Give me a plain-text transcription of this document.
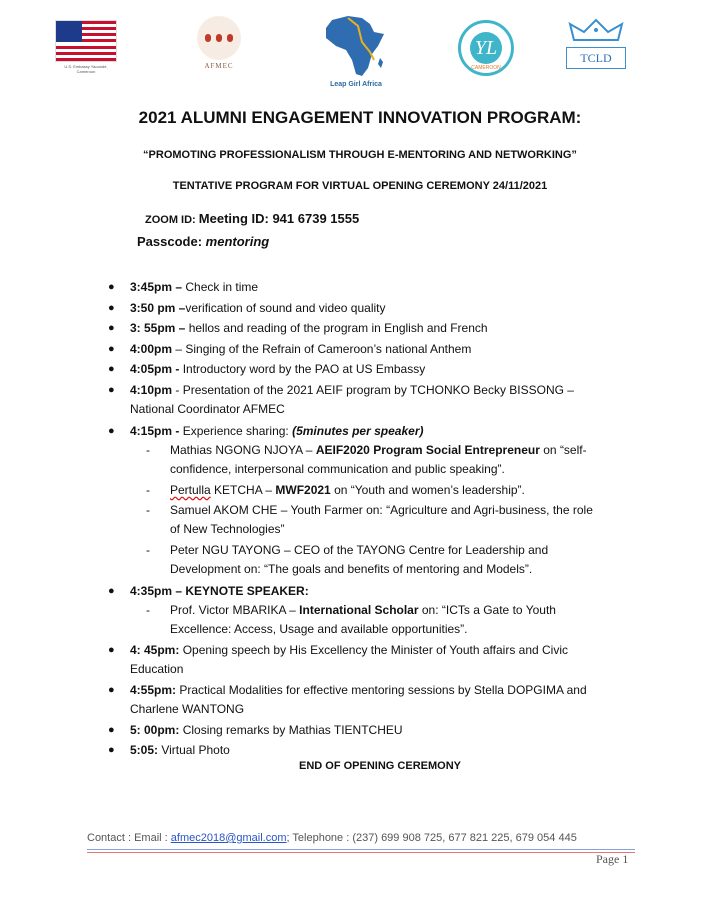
U.S. Embassy Yaoundé, Cameroon
AFMEC
Leap Girl Africa
YL
CAMEROON
TCLD
2021 ALUMNI ENGAGEMENT INNOVATION PROGRAM:
“PROMOTING PROFESSIONALISM THROUGH E-MENTORING AND NETWORKING”
TENTATIVE PROGRAM FOR VIRTUAL OPENING CEREMONY 24/11/2021
ZOOM ID: Meeting ID: 941 6739 1555
Passcode: mentoring
● 3:45pm – Check in time
● 3:50 pm –verification of sound and video quality
● 3: 55pm – hellos and reading of the program in English and French
● 4:00pm – Singing of the Refrain of Cameroon’s national Anthem
● 4:05pm - Introductory word by the PAO at US Embassy
● 4:10pm - Presentation of the 2021 AEIF program by TCHONKO Becky BISSONG –
National Coordinator AFMEC
● 4:15pm - Experience sharing: (5minutes per speaker)
- Mathias NGONG NJOYA – AEIF2020 Program Social Entrepreneur on “self-
confidence, interpersonal communication and public speaking”.
- Pertulla KETCHA – MWF2021 on “Youth and women’s leadership”.
- Samuel AKOM CHE – Youth Farmer on: “Agriculture and Agri-business, the role
of New Technologies”
- Peter NGU TAYONG – CEO of the TAYONG Centre for Leadership and
Development on: “The goals and benefits of mentoring and Models”.
● 4:35pm – KEYNOTE SPEAKER:
- Prof. Victor MBARIKA – International Scholar on: “ICTs a Gate to Youth
Excellence: Access, Usage and available opportunities”.
● 4: 45pm: Opening speech by His Excellency the Minister of Youth affairs and Civic
Education
● 4:55pm: Practical Modalities for effective mentoring sessions by Stella DOPGIMA and
Charlene WANTONG
● 5: 00pm: Closing remarks by Mathias TIENTCHEU
● 5:05: Virtual Photo
END OF OPENING CEREMONY
Contact : Email : afmec2018@gmail.com; Telephone : (237) 699 908 725, 677 821 225, 679 054 445
Page 1
